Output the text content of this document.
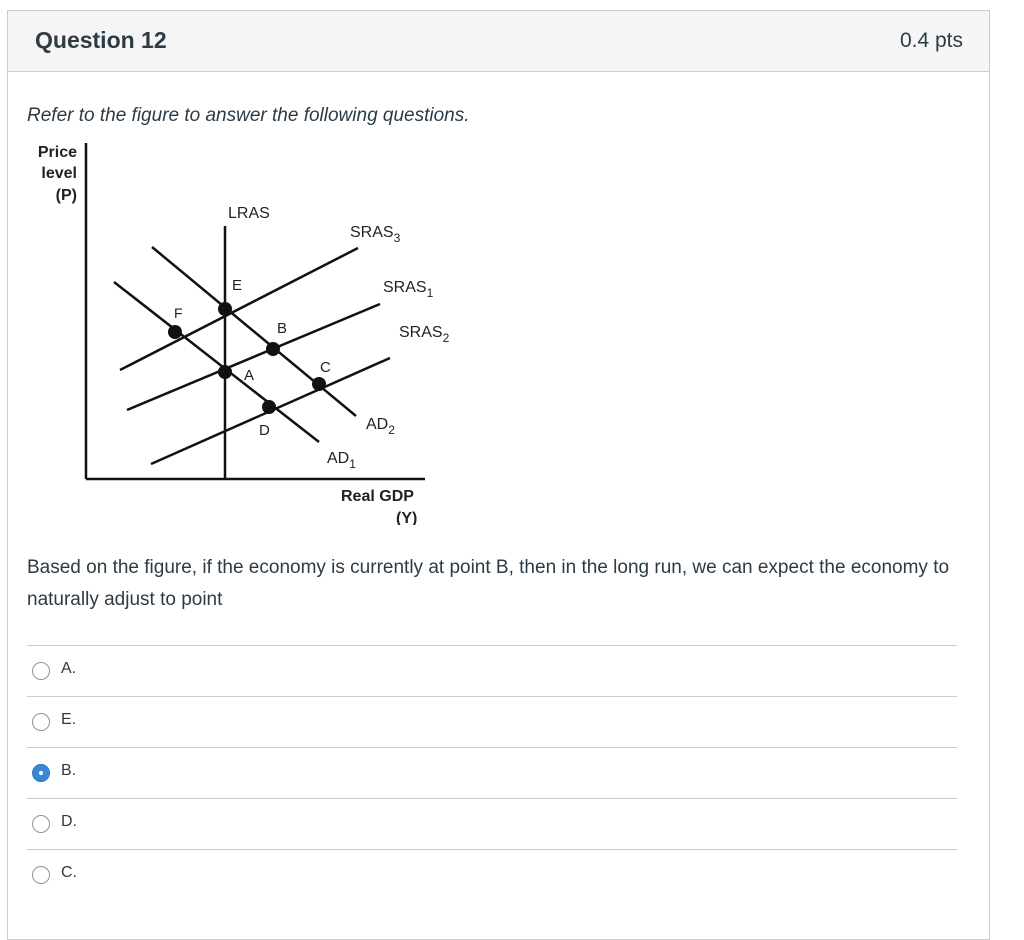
Question 12	0.4 pts
Refer to the figure to answer the following questions.
Price
level
(P)
LRAS
$SRAS_3$
$SRAS_1$
$SRAS_2$
$AD_1$
$AD_2$
E
F
B
A	C
D
Real GDP
(Y)
Based on the figure, if the economy is currently at point B, then in the long run, we can expect the economy to naturally adjust to point
A.
E.
B.
D.
C.
